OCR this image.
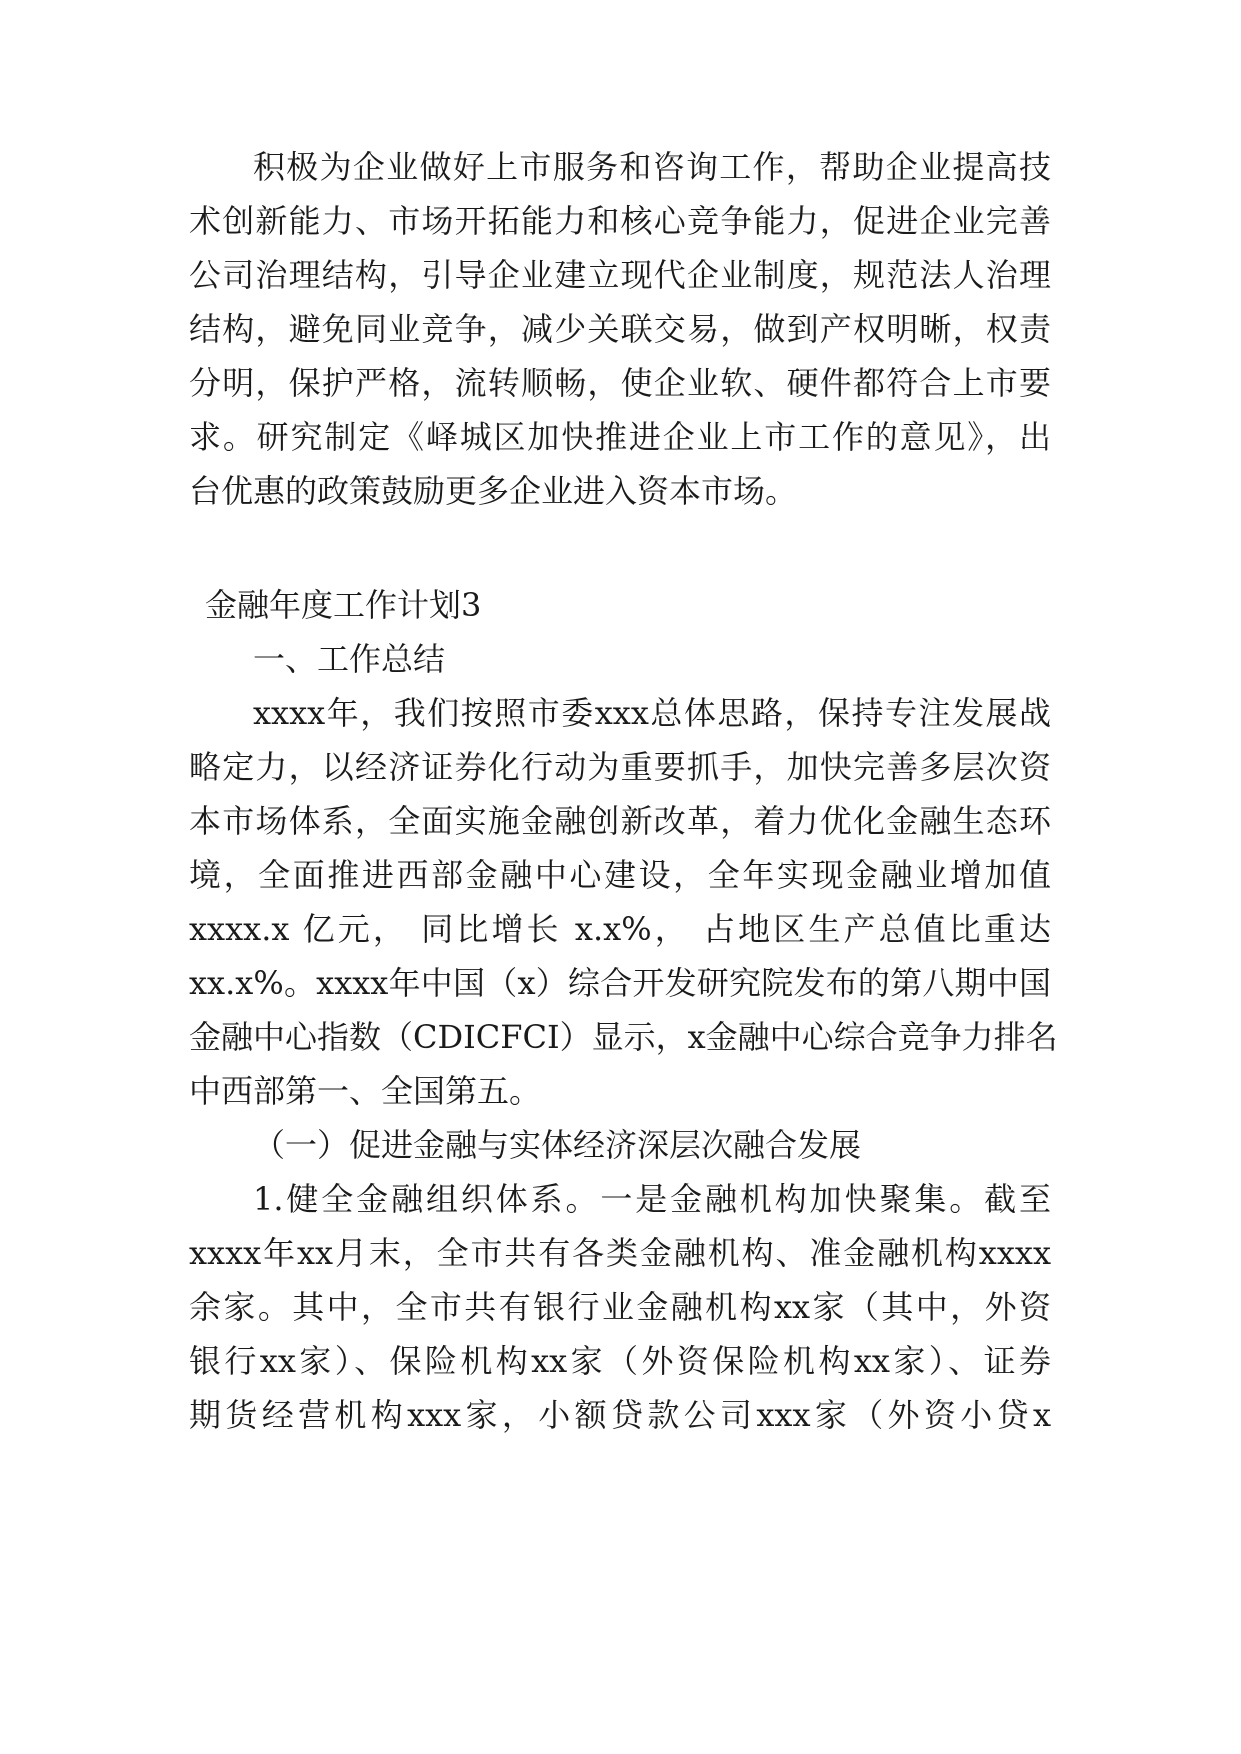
积极为企业做好上市服务和咨询工作，帮助企业提高技
术创新能力、市场开拓能力和核心竞争能力，促进企业完善
公司治理结构，引导企业建立现代企业制度，规范法人治理
结构，避免同业竞争，减少关联交易，做到产权明晰，权责
分明，保护严格，流转顺畅，使企业软、硬件都符合上市要
求。研究制定《峄城区加快推进企业上市工作的意见》，出
台优惠的政策鼓励更多企业进入资本市场。
金融年度工作计划3
一、工作总结
xxxx年，我们按照市委xxx总体思路，保持专注发展战
略定力，以经济证券化行动为重要抓手，加快完善多层次资
本市场体系，全面实施金融创新改革，着力优化金融生态环
境，全面推进西部金融中心建设，全年实现金融业增加值
xxxx.x 亿元， 同比增长 x.x%， 占地区生产总值比重达
xx.x%。xxxx年中国（x）综合开发研究院发布的第八期中国
金融中心指数（CDICFCI）显示，x金融中心综合竞争力排名
中西部第一、全国第五。
（一）促进金融与实体经济深层次融合发展
1.健全金融组织体系。一是金融机构加快聚集。截至
xxxx年xx月末，全市共有各类金融机构、准金融机构xxxx
余家。其中，全市共有银行业金融机构xx家（其中，外资
银行xx家）、保险机构xx家（外资保险机构xx家）、证券
期货经营机构xxx家，小额贷款公司xxx家（外资小贷x
